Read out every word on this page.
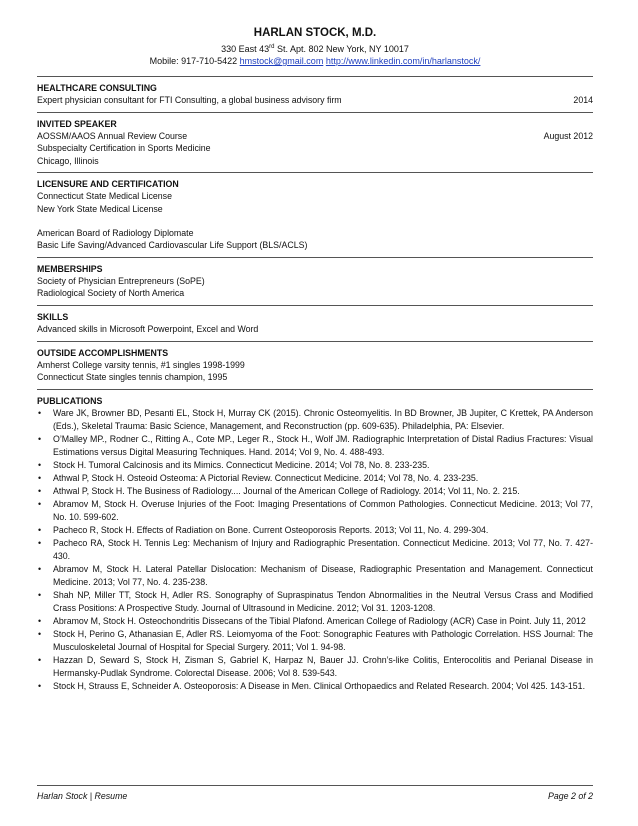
HARLAN STOCK, M.D.
330 East 43rd St. Apt. 802 New York, NY 10017
Mobile: 917-710-5422 hmstock@gmail.com http://www.linkedin.com/in/harlanstock/
HEALTHCARE CONSULTING
Expert physician consultant for FTI Consulting, a global business advisory firm	2014
INVITED SPEAKER
AOSSM/AAOS Annual Review Course	August 2012
Subspecialty Certification in Sports Medicine
Chicago, Illinois
LICENSURE AND CERTIFICATION
Connecticut State Medical License
New York State Medical License
American Board of Radiology Diplomate
Basic Life Saving/Advanced Cardiovascular Life Support (BLS/ACLS)
MEMBERSHIPS
Society of Physician Entrepreneurs (SoPE)
Radiological Society of North America
SKILLS
Advanced skills in Microsoft Powerpoint, Excel and Word
OUTSIDE ACCOMPLISHMENTS
Amherst College varsity tennis, #1 singles 1998-1999
Connecticut State singles tennis champion, 1995
PUBLICATIONS
• Ware JK, Browner BD, Pesanti EL, Stock H, Murray CK (2015). Chronic Osteomyelitis. In BD Browner, JB Jupiter, C Krettek, PA Anderson (Eds.), Skeletal Trauma: Basic Science, Management, and Reconstruction (pp. 609-635). Philadelphia, PA: Elsevier.
• O’Malley MP., Rodner C., Ritting A., Cote MP., Leger R., Stock H., Wolf JM. Radiographic Interpretation of Distal Radius Fractures: Visual Estimations versus Digital Measuring Techniques. Hand. 2014; Vol 9, No. 4. 488-493.
• Stock H. Tumoral Calcinosis and its Mimics. Connecticut Medicine. 2014; Vol 78, No. 8. 233-235.
• Athwal P, Stock H. Osteoid Osteoma: A Pictorial Review. Connecticut Medicine. 2014; Vol 78, No. 4. 233-235.
• Athwal P, Stock H. The Business of Radiology.... Journal of the American College of Radiology. 2014; Vol 11, No. 2. 215.
• Abramov M, Stock H. Overuse Injuries of the Foot: Imaging Presentations of Common Pathologies. Connecticut Medicine. 2013; Vol 77, No. 10. 599-602.
• Pacheco R, Stock H. Effects of Radiation on Bone. Current Osteoporosis Reports. 2013; Vol 11, No. 4. 299-304.
• Pacheco RA, Stock H. Tennis Leg: Mechanism of Injury and Radiographic Presentation. Connecticut Medicine. 2013; Vol 77, No. 7. 427-430.
• Abramov M, Stock H. Lateral Patellar Dislocation: Mechanism of Disease, Radiographic Presentation and Management. Connecticut Medicine. 2013; Vol 77, No. 4. 235-238.
• Shah NP, Miller TT, Stock H, Adler RS. Sonography of Supraspinatus Tendon Abnormalities in the Neutral Versus Crass and Modified Crass Positions: A Prospective Study. Journal of Ultrasound in Medicine. 2012; Vol 31. 1203-1208.
• Abramov M, Stock H. Osteochondritis Dissecans of the Tibial Plafond. American College of Radiology (ACR) Case in Point. July 11, 2012
• Stock H, Perino G, Athanasian E, Adler RS. Leiomyoma of the Foot: Sonographic Features with Pathologic Correlation. HSS Journal: The Musculoskeletal Journal of Hospital for Special Surgery. 2011; Vol 1. 94-98.
• Hazzan D, Seward S, Stock H, Zisman S, Gabriel K, Harpaz N, Bauer JJ. Crohn’s-like Colitis, Enterocolitis and Perianal Disease in Hermansky-Pudlak Syndrome. Colorectal Disease. 2006; Vol 8. 539-543.
• Stock H, Strauss E, Schneider A. Osteoporosis: A Disease in Men. Clinical Orthopaedics and Related Research. 2004; Vol 425. 143-151.
Harlan Stock | Resume	Page 2 of 2
